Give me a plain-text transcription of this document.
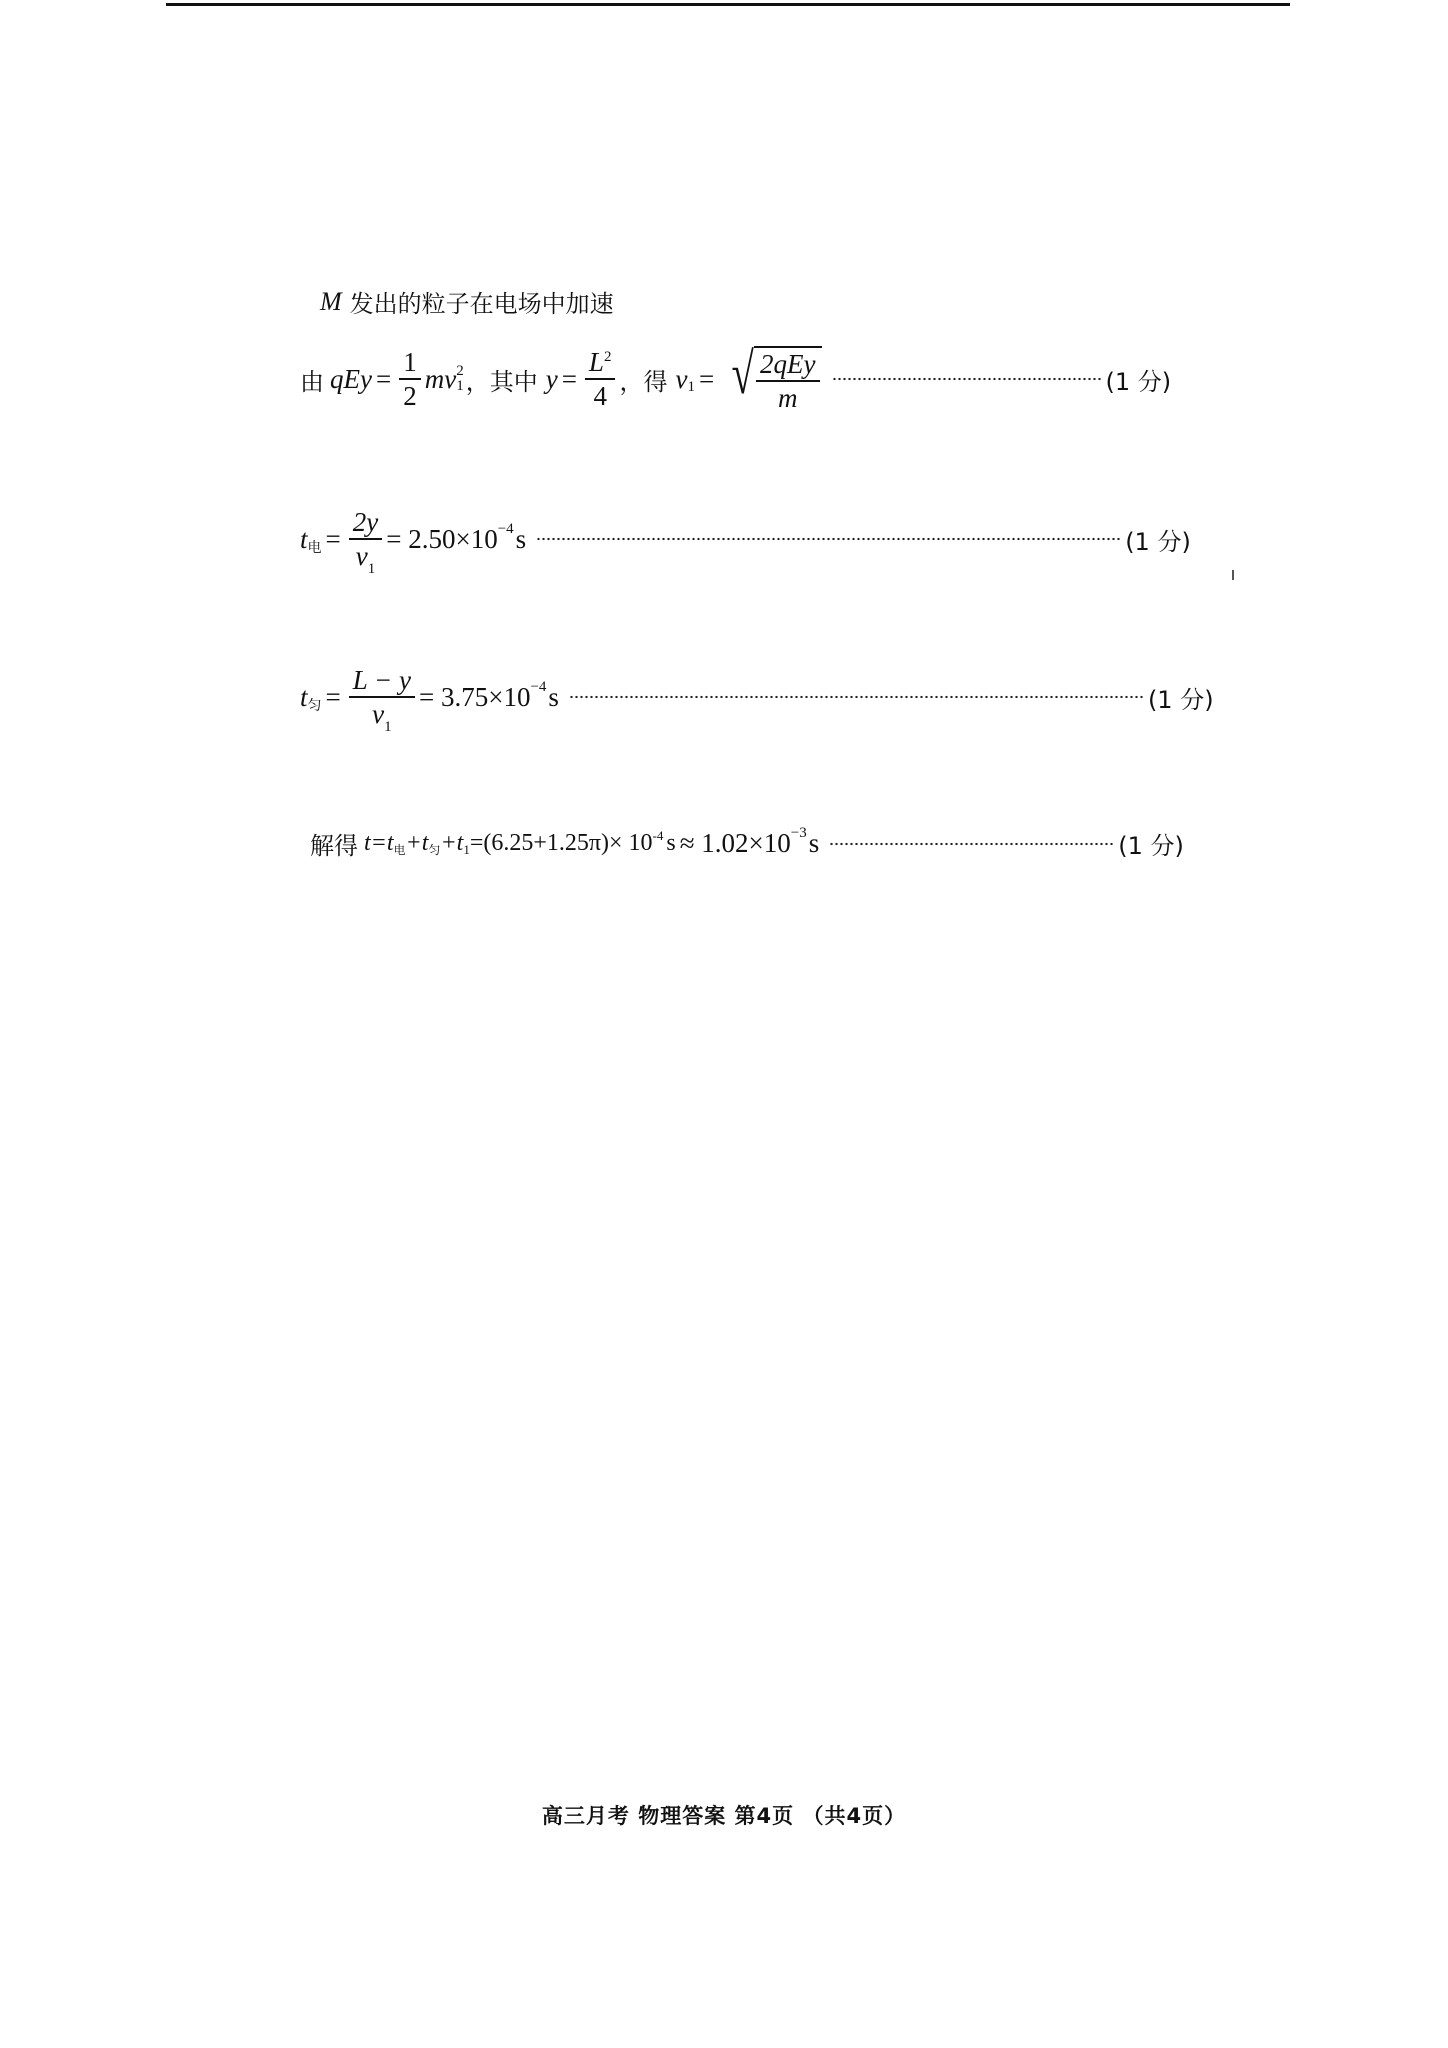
M 发出的粒子在电场中加速
由 qEy = $\frac{1}{2}$ mv 2
1 ， 其中 $y = \frac{L^2}{4}$ ， 得 v 1 = √ $\frac{\text{2qEy}}{m}$	(1 分)
t 电 = $\frac{2y}{v_1} = 2.50\times 10 -4$ s	(1 分)
t 匀 = $\frac{L - y}{v_1} = 3.75\times 10 -4$ s	(1 分)
解得 t=t 电 +t 匀 +t 1 =(6.25+1.25π)× 10 -4 s ≈ 1.02×10 −3 s	(1 分)
高三月考 物理答案 第4页 （共4页）
